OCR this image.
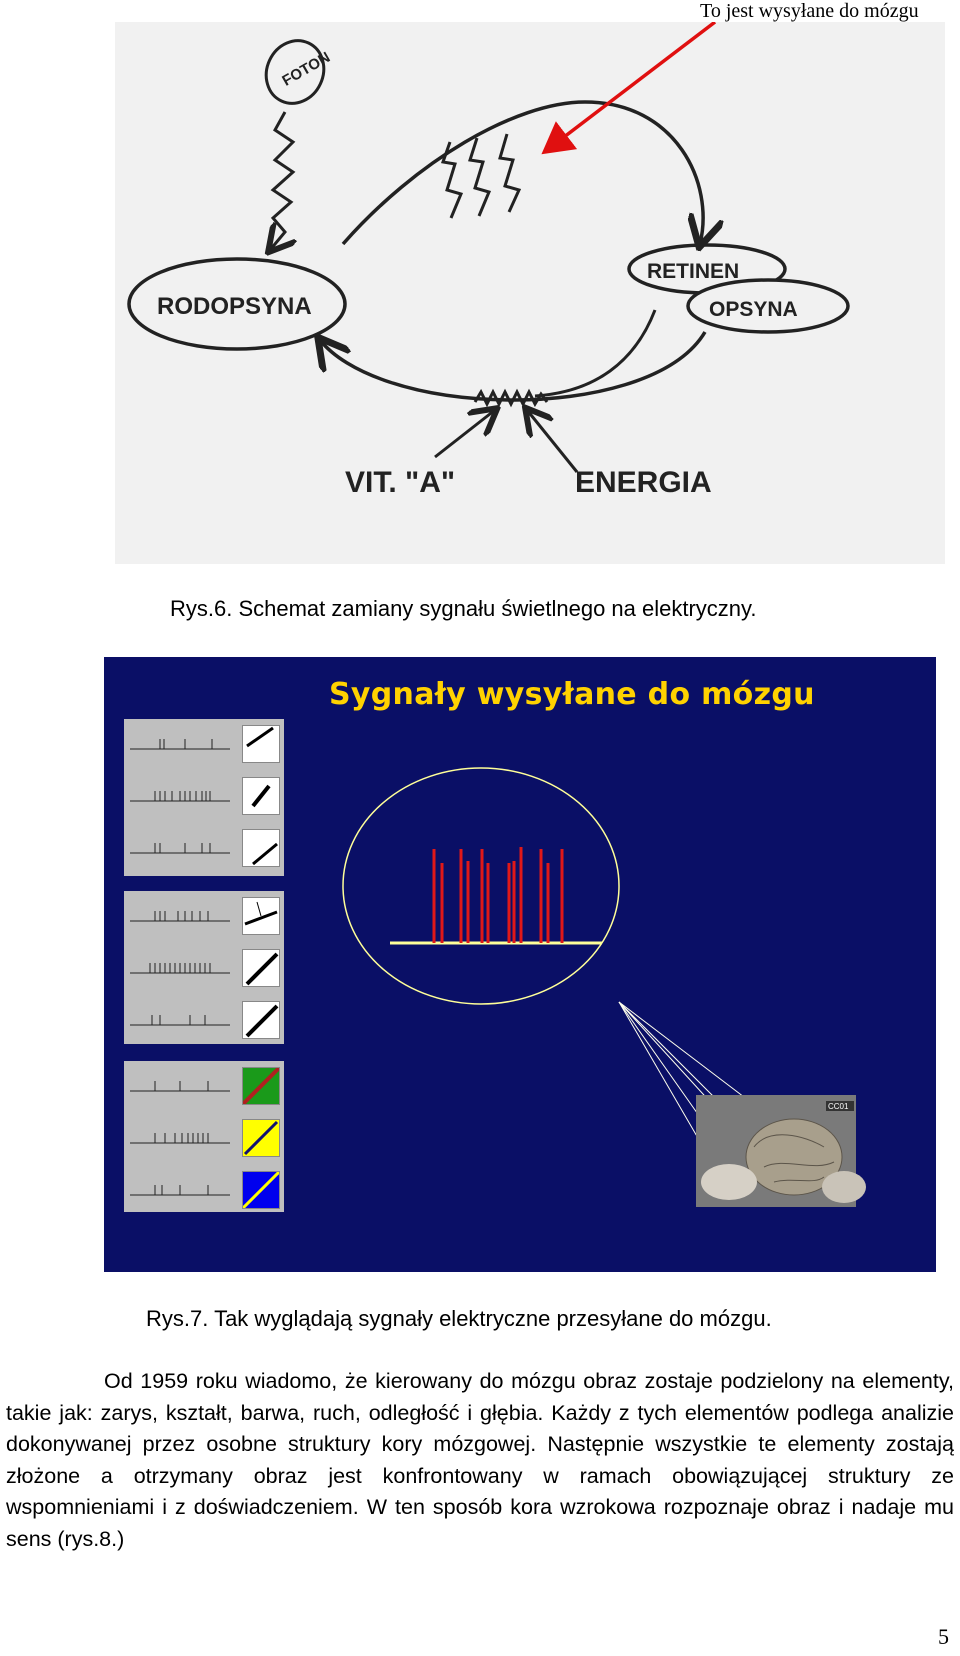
To jest wysyłane do mózgu
FOTON
RODOPSYNA
RETINEN
OPSYNA
VIT. "A"	ENERGIA
Rys.6. Schemat zamiany sygnału świetlnego na elektryczny.
Sygnały wysyłane do mózgu
CC01
Rys.7. Tak wyglądają sygnały elektryczne przesyłane do mózgu.

Od 1959 roku wiadomo, że kierowany do mózgu obraz zostaje podzielony na elementy, takie jak: zarys, kształt, barwa, ruch, odległość i głębia. Każdy z tych elementów podlega analizie dokonywanej przez osobne struktury kory mózgowej. Następnie wszystkie te elementy zostają złożone a otrzymany obraz jest konfrontowany w ramach obowiązującej struktury ze wspomnieniami i z doświadczeniem. W ten sposób kora wzrokowa rozpoznaje obraz i nadaje mu sens (rys.8.)

5
